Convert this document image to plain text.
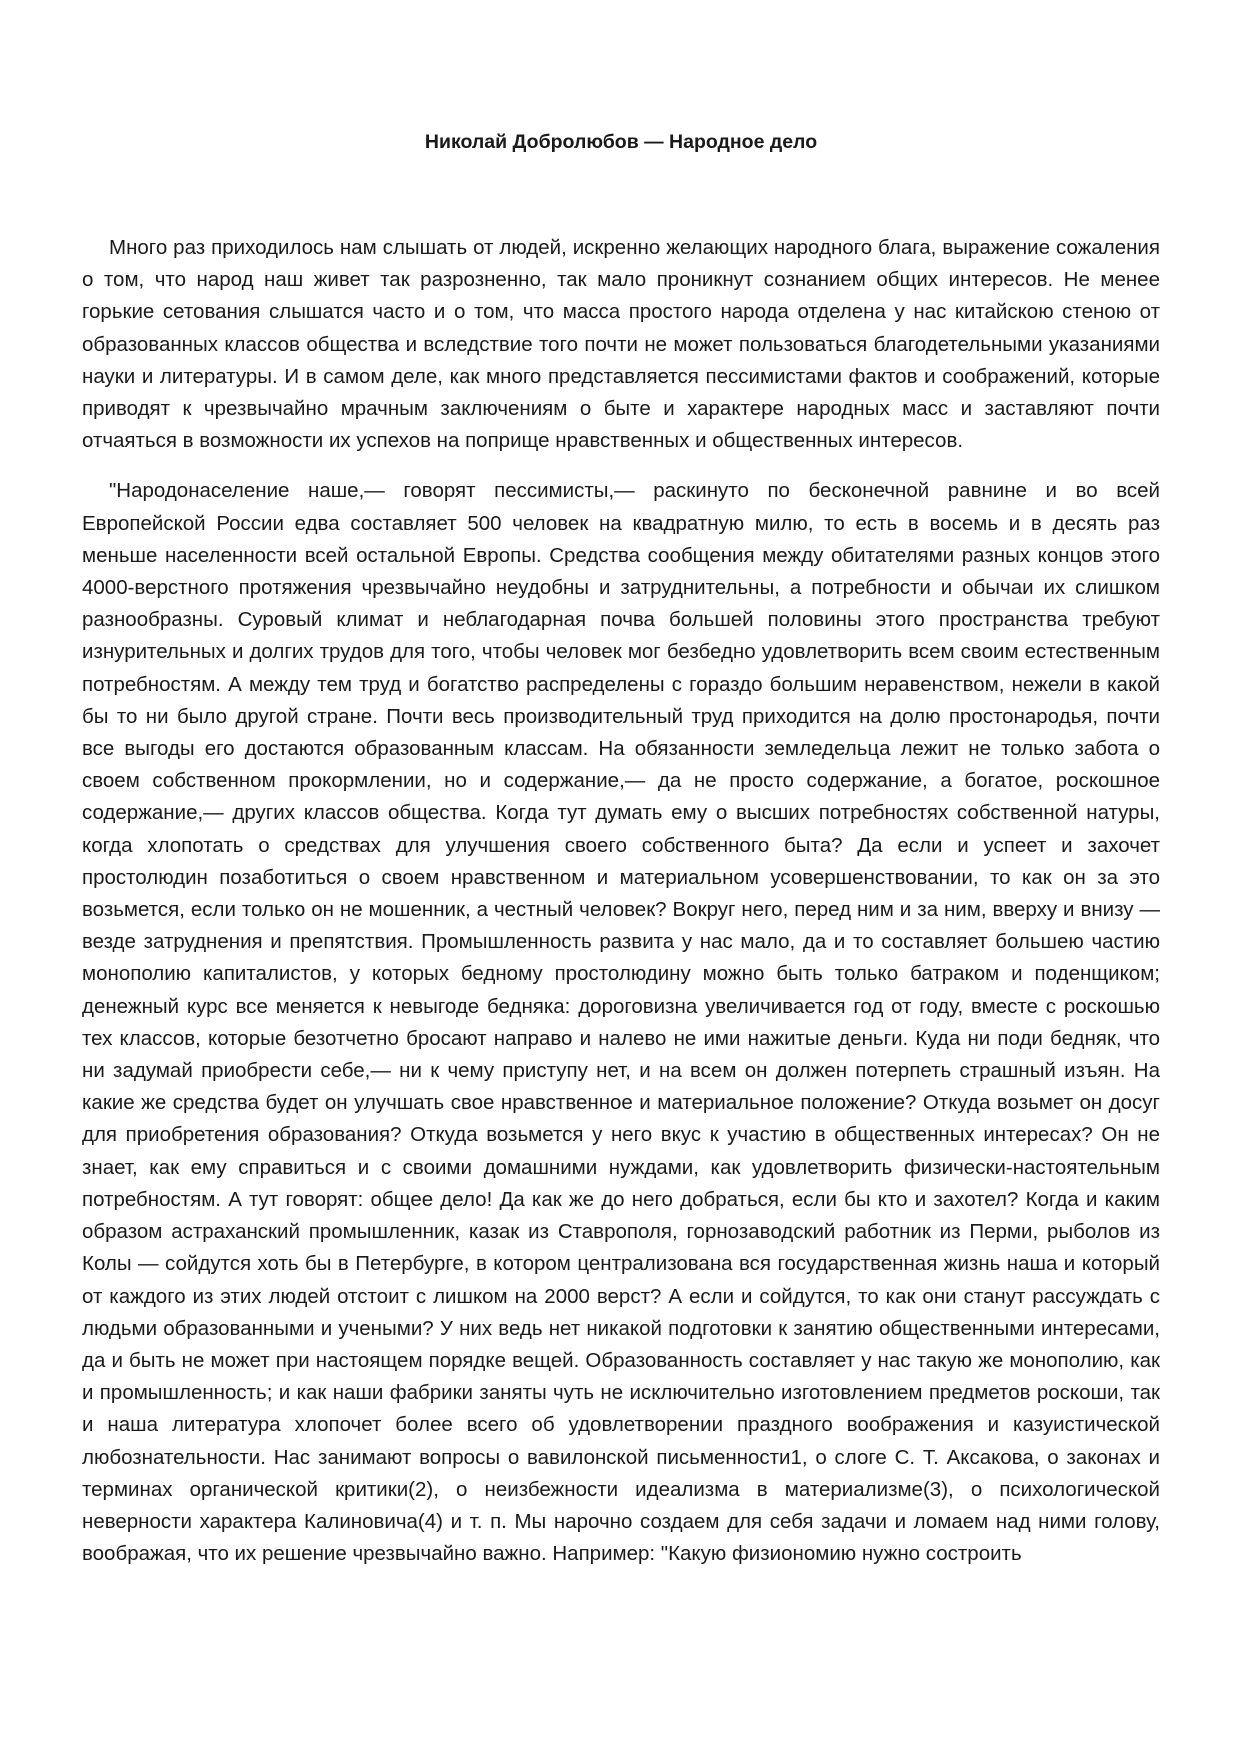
Николай Добролюбов — Народное дело

Много раз приходилось нам слышать от людей, искренно желающих народного блага, выражение сожаления о том, что народ наш живет так разрозненно, так мало проникнут сознанием общих интересов. Не менее горькие сетования слышатся часто и о том, что масса простого народа отделена у нас китайскою стеною от образованных классов общества и вследствие того почти не может пользоваться благодетельными указаниями науки и литературы. И в самом деле, как много представляется пессимистами фактов и соображений, которые приводят к чрезвычайно мрачным заключениям о быте и характере народных масс и заставляют почти отчаяться в возможности их успехов на поприще нравственных и общественных интересов.

"Народонаселение наше,— говорят пессимисты,— раскинуто по бесконечной равнине и во всей Европейской России едва составляет 500 человек на квадратную милю, то есть в восемь и в десять раз меньше населенности всей остальной Европы. Средства сообщения между обитателями разных концов этого 4000-верстного протяжения чрезвычайно неудобны и затруднительны, а потребности и обычаи их слишком разнообразны. Суровый климат и неблагодарная почва большей половины этого пространства требуют изнурительных и долгих трудов для того, чтобы человек мог безбедно удовлетворить всем своим естественным потребностям. А между тем труд и богатство распределены с гораздо большим неравенством, нежели в какой бы то ни было другой стране. Почти весь производительный труд приходится на долю простонародья, почти все выгоды его достаются образованным классам. На обязанности земледельца лежит не только забота о своем собственном прокормлении, но и содержание,— да не просто содержание, а богатое, роскошное содержание,— других классов общества. Когда тут думать ему о высших потребностях собственной натуры, когда хлопотать о средствах для улучшения своего собственного быта? Да если и успеет и захочет простолюдин позаботиться о своем нравственном и материальном усовершенствовании, то как он за это возьмется, если только он не мошенник, а честный человек? Вокруг него, перед ним и за ним, вверху и внизу — везде затруднения и препятствия. Промышленность развита у нас мало, да и то составляет большею частию монополию капиталистов, у которых бедному простолюдину можно быть только батраком и поденщиком; денежный курс все меняется к невыгоде бедняка: дороговизна увеличивается год от году, вместе с роскошью тех классов, которые безотчетно бросают направо и налево не ими нажитые деньги. Куда ни поди бедняк, что ни задумай приобрести себе,— ни к чему приступу нет, и на всем он должен потерпеть страшный изъян. На какие же средства будет он улучшать свое нравственное и материальное положение? Откуда возьмет он досуг для приобретения образования? Откуда возьмется у него вкус к участию в общественных интересах? Он не знает, как ему справиться и с своими домашними нуждами, как удовлетворить физически-настоятельным потребностям. А тут говорят: общее дело! Да как же до него добраться, если бы кто и захотел? Когда и каким образом астраханский промышленник, казак из Ставрополя, горнозаводский работник из Перми, рыболов из Колы — сойдутся хоть бы в Петербурге, в котором централизована вся государственная жизнь наша и который от каждого из этих людей отстоит с лишком на 2000 верст? А если и сойдутся, то как они станут рассуждать с людьми образованными и учеными? У них ведь нет никакой подготовки к занятию общественными интересами, да и быть не может при настоящем порядке вещей. Образованность составляет у нас такую же монополию, как и промышленность; и как наши фабрики заняты чуть не исключительно изготовлением предметов роскоши, так и наша литература хлопочет более всего об удовлетворении праздного воображения и казуистической любознательности. Нас занимают вопросы о вавилонской письменности1, о слоге С. Т. Аксакова, о законах и терминах органической критики(2), о неизбежности идеализма в материализме(3), о психологической неверности характера Калиновича(4) и т. п. Мы нарочно создаем для себя задачи и ломаем над ними голову, воображая, что их решение чрезвычайно важно. Например: "Какую физиономию нужно состроить
